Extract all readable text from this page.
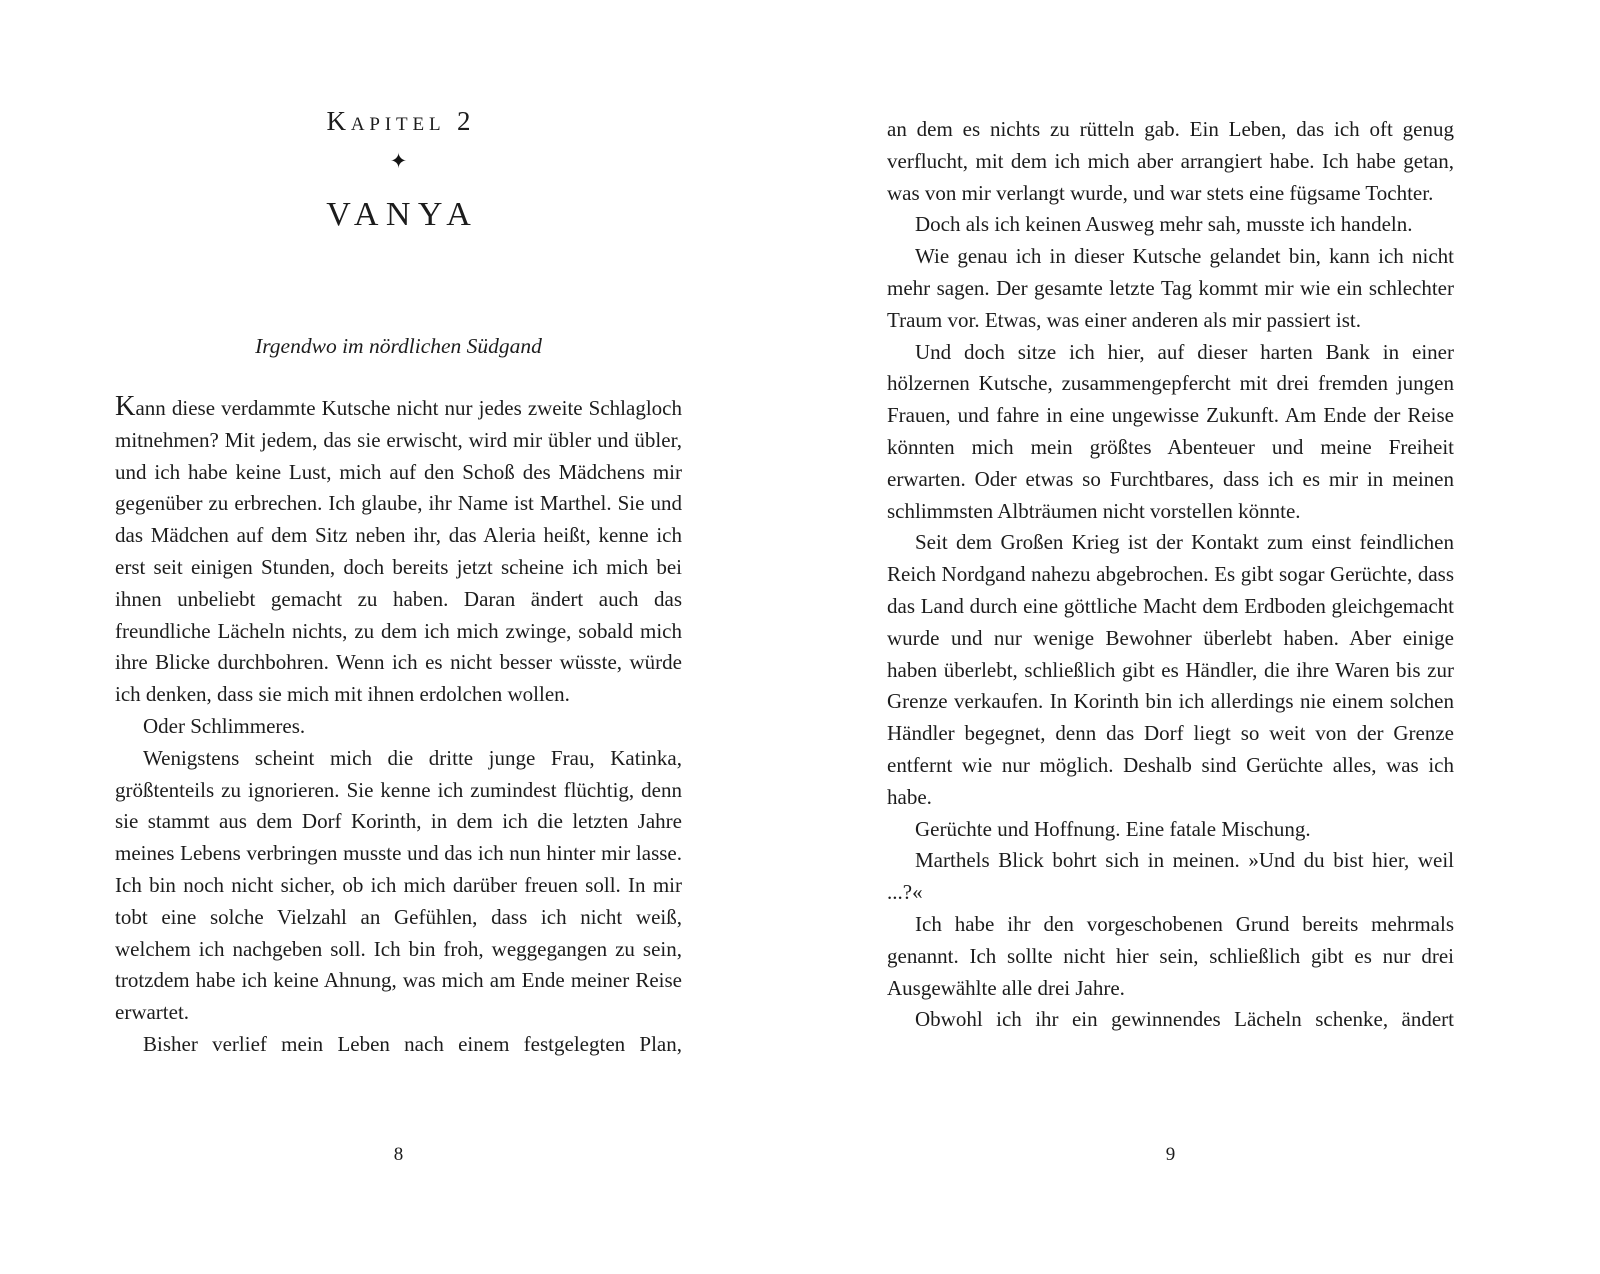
Kapitel 2
✦
VANYA
Irgendwo im nördlichen Südgand

Kann diese verdammte Kutsche nicht nur jedes zweite Schlagloch mitnehmen? Mit jedem, das sie erwischt, wird mir übler und übler, und ich habe keine Lust, mich auf den Schoß des Mädchens mir gegenüber zu erbrechen. Ich glaube, ihr Name ist Marthel. Sie und das Mädchen auf dem Sitz neben ihr, das Aleria heißt, kenne ich erst seit einigen Stunden, doch bereits jetzt scheine ich mich bei ihnen unbeliebt gemacht zu haben. Daran ändert auch das freundliche Lächeln nichts, zu dem ich mich zwinge, sobald mich ihre Blicke durchbohren. Wenn ich es nicht besser wüsste, würde ich denken, dass sie mich mit ihnen erdolchen wollen.

Oder Schlimmeres.

Wenigstens scheint mich die dritte junge Frau, Katinka, größtenteils zu ignorieren. Sie kenne ich zumindest flüchtig, denn sie stammt aus dem Dorf Korinth, in dem ich die letzten Jahre meines Lebens verbringen musste und das ich nun hinter mir lasse. Ich bin noch nicht sicher, ob ich mich darüber freuen soll. In mir tobt eine solche Vielzahl an Gefühlen, dass ich nicht weiß, welchem ich nachgeben soll. Ich bin froh, weggegangen zu sein, trotzdem habe ich keine Ahnung, was mich am Ende meiner Reise erwartet.

Bisher verlief mein Leben nach einem festgelegten Plan,

8

an dem es nichts zu rütteln gab. Ein Leben, das ich oft genug verflucht, mit dem ich mich aber arrangiert habe. Ich habe getan, was von mir verlangt wurde, und war stets eine fügsame Tochter.

Doch als ich keinen Ausweg mehr sah, musste ich handeln.

Wie genau ich in dieser Kutsche gelandet bin, kann ich nicht mehr sagen. Der gesamte letzte Tag kommt mir wie ein schlechter Traum vor. Etwas, was einer anderen als mir passiert ist.

Und doch sitze ich hier, auf dieser harten Bank in einer hölzernen Kutsche, zusammengepfercht mit drei fremden jungen Frauen, und fahre in eine ungewisse Zukunft. Am Ende der Reise könnten mich mein größtes Abenteuer und meine Freiheit erwarten. Oder etwas so Furchtbares, dass ich es mir in meinen schlimmsten Albträumen nicht vorstellen könnte.

Seit dem Großen Krieg ist der Kontakt zum einst feindlichen Reich Nordgand nahezu abgebrochen. Es gibt sogar Gerüchte, dass das Land durch eine göttliche Macht dem Erdboden gleichgemacht wurde und nur wenige Bewohner überlebt haben. Aber einige haben überlebt, schließlich gibt es Händler, die ihre Waren bis zur Grenze verkaufen. In Korinth bin ich allerdings nie einem solchen Händler begegnet, denn das Dorf liegt so weit von der Grenze entfernt wie nur möglich. Deshalb sind Gerüchte alles, was ich habe.

Gerüchte und Hoffnung. Eine fatale Mischung.

Marthels Blick bohrt sich in meinen. »Und du bist hier, weil ...?«

Ich habe ihr den vorgeschobenen Grund bereits mehrmals genannt. Ich sollte nicht hier sein, schließlich gibt es nur drei Ausgewählte alle drei Jahre.

Obwohl ich ihr ein gewinnendes Lächeln schenke, ändert

9
